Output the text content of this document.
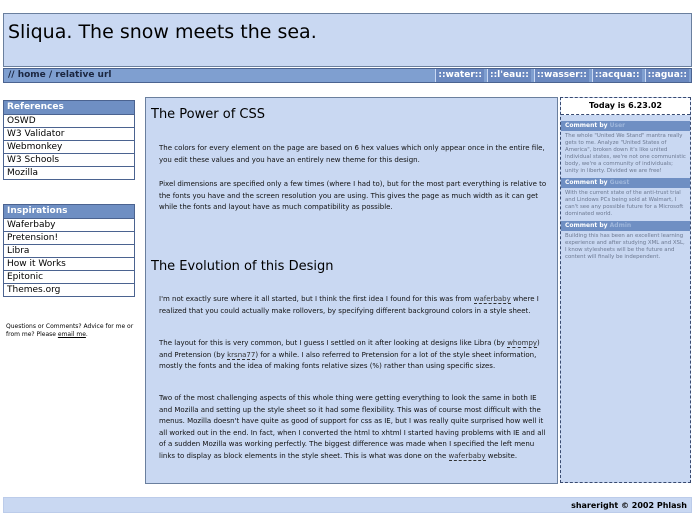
Sliqua. The snow meets the sea.
// home / relative url	::water:: ::l'eau:: ::wasser:: ::acqua:: ::agua::
References
OSWD
W3 Validator
Webmonkey
W3 Schools
Mozilla
Inspirations
Waferbaby
Pretension!
Libra
How it Works
Epitonic
Themes.org
Questions or Comments? Advice for me or from me? Please email me.
The Power of CSS
The colors for every element on the page are based on 6 hex values which only appear once in the entire file, you edit these values and you have an entirely new theme for this design.
Pixel dimensions are specified only a few times (where I had to), but for the most part everything is relative to the fonts you have and the screen resolution you are using. This gives the page as much width as it can get while the fonts and layout have as much compatibility as possible.
The Evolution of this Design
I'm not exactly sure where it all started, but I think the first idea I found for this was from waferbaby where I realized that you could actually make rollovers, by specifying different background colors in a style sheet.
The layout for this is very common, but I guess I settled on it after looking at designs like Libra (by whompy) and Pretension (by krsna77) for a while. I also referred to Pretension for a lot of the style sheet information, mostly the fonts and the idea of making fonts relative sizes (%) rather than using specific sizes.
Two of the most challenging aspects of this whole thing were getting everything to look the same in both IE and Mozilla and setting up the style sheet so it had some flexibility. This was of course most difficult with the menus. Mozilla doesn't have quite as good of support for css as IE, but I was really quite surprised how well it all worked out in the end. In fact, when I converted the html to xhtml I started having problems with IE and all of a sudden Mozilla was working perfectly. The biggest difference was made when I specified the left menu links to display as block elements in the style sheet. This is what was done on the waferbaby website.
Today is 6.23.02
Comment by User
The whole "United We Stand" mantra really gets to me. Analyze "United States of America", broken down it's like united individual states, we're not one communistic body, we're a community of individuals; unity in liberty. Divided we are free!
Comment by Guest
With the current state of the anti-trust trial and Lindows PCs being sold at Walmart, I can't see any possible future for a Microsoft dominated world.
Comment by Admin
Building this has been an excellent learning experience and after studying XML and XSL, I know stylesheets will be the future and content will finally be independent.
shareright © 2002 Phlash
